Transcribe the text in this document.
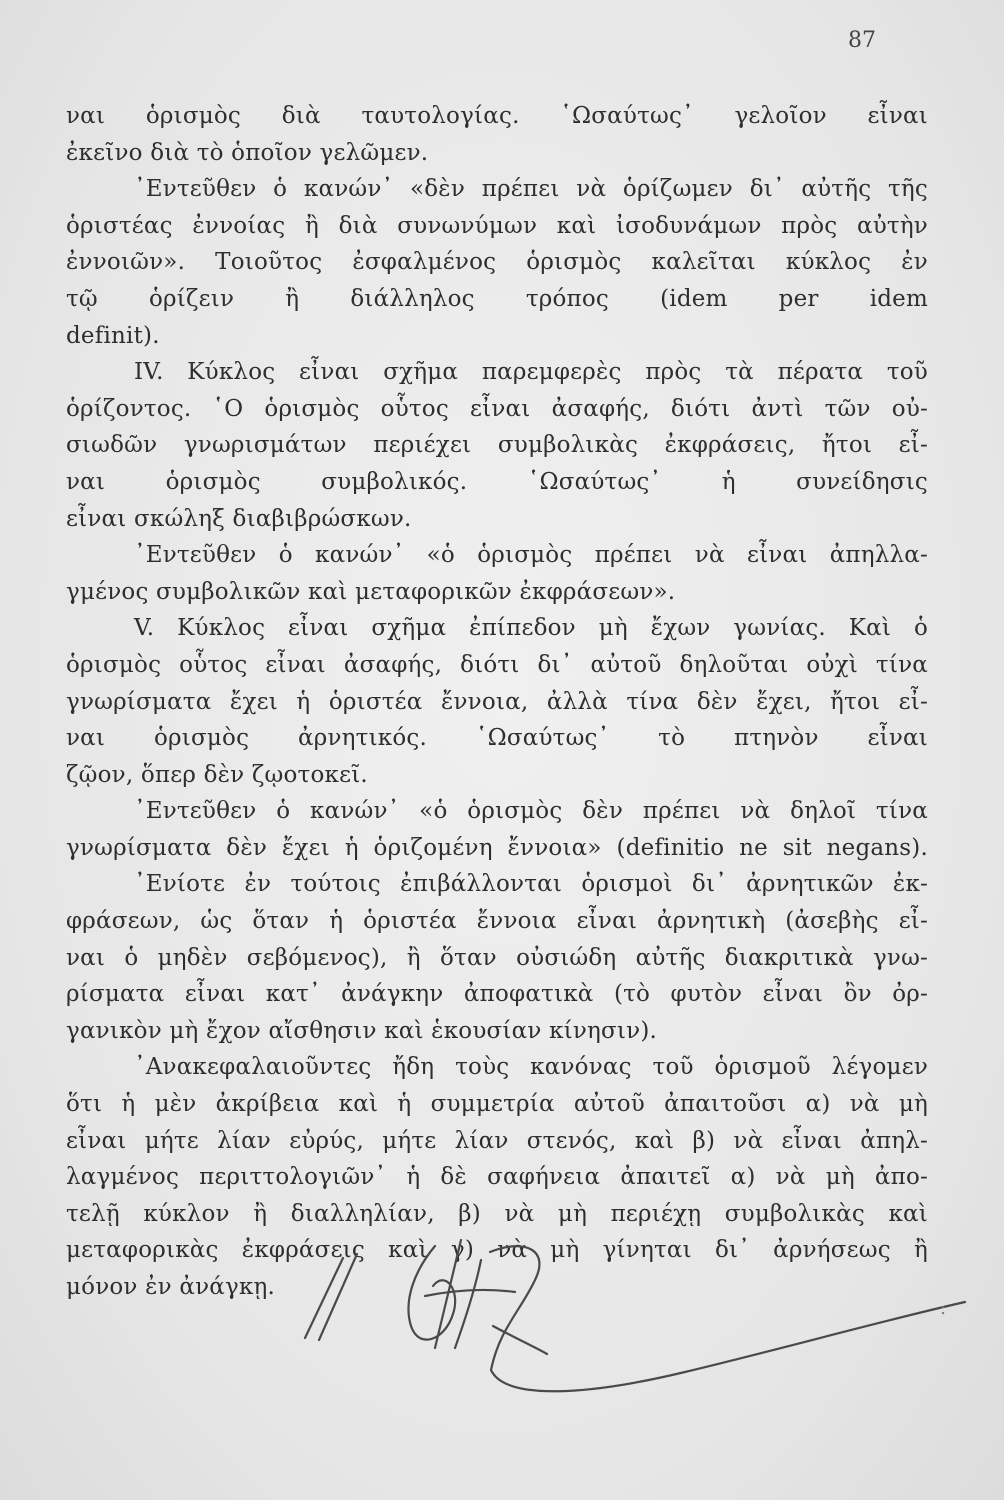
87
ναι ὁρισμὸς διὰ ταυτολογίας. ῾Ωσαύτως᾿ γελοῖον εἶναι
ἐκεῖνο διὰ τὸ ὁποῖον γελῶμεν.
᾿Εντεῦθεν ὁ κανών᾿ «δὲν πρέπει νὰ ὁρίζωμεν δι᾿ αὐτῆς τῆς
ὁριστέας ἐννοίας ἢ διὰ συνωνύμων καὶ ἰσοδυνάμων πρὸς αὐτὴν
ἐννοιῶν». Τοιοῦτος ἐσφαλμένος ὁρισμὸς καλεῖται κύκλος ἐν
τῷ ὁρίζειν ἢ διάλληλος τρόπος (idem per idem
definit).
IV. Κύκλος εἶναι σχῆμα παρεμφερὲς πρὸς τὰ πέρατα τοῦ
ὁρίζοντος. ῾Ο ὁρισμὸς οὗτος εἶναι ἀσαφής, διότι ἀντὶ τῶν οὐ-
σιωδῶν γνωρισμάτων περιέχει συμβολικὰς ἐκφράσεις, ἤτοι εἶ-
ναι ὁρισμὸς συμβολικός. ῾Ωσαύτως᾿ ἡ συνείδησις
εἶναι σκώληξ διαβιβρώσκων.
᾿Εντεῦθεν ὁ κανών᾿ «ὁ ὁρισμὸς πρέπει νὰ εἶναι ἀπηλλα-
γμένος συμβολικῶν καὶ μεταφορικῶν ἐκφράσεων».
V. Κύκλος εἶναι σχῆμα ἐπίπεδον μὴ ἔχων γωνίας. Καὶ ὁ
ὁρισμὸς οὗτος εἶναι ἀσαφής, διότι δι᾿ αὐτοῦ δηλοῦται οὐχὶ τίνα
γνωρίσματα ἔχει ἡ ὁριστέα ἔννοια, ἀλλὰ τίνα δὲν ἔχει, ἤτοι εἶ-
ναι ὁρισμὸς ἀρνητικός. ῾Ωσαύτως᾿ τὸ πτηνὸν εἶναι
ζῷον, ὅπερ δὲν ζῳοτοκεῖ.
᾿Εντεῦθεν ὁ κανών᾿ «ὁ ὁρισμὸς δὲν πρέπει νὰ δηλοῖ τίνα
γνωρίσματα δὲν ἔχει ἡ ὁριζομένη ἔννοια» (definitio ne sit negans).
᾿Ενίοτε ἐν τούτοις ἐπιβάλλονται ὁρισμοὶ δι᾿ ἀρνητικῶν ἐκ-
φράσεων, ὡς ὅταν ἡ ὁριστέα ἔννοια εἶναι ἀρνητικὴ (ἀσεβὴς εἶ-
ναι ὁ μηδὲν σεβόμενος), ἢ ὅταν οὐσιώδη αὐτῆς διακριτικὰ γνω-
ρίσματα εἶναι κατ᾿ ἀνάγκην ἀποφατικὰ (τὸ φυτὸν εἶναι ὂν ὀρ-
γανικὸν μὴ ἔχον αἴσθησιν καὶ ἑκουσίαν κίνησιν).
᾿Ανακεφαλαιοῦντες ἤδη τοὺς κανόνας τοῦ ὁρισμοῦ λέγομεν
ὅτι ἡ μὲν ἀκρίβεια καὶ ἡ συμμετρία αὐτοῦ ἀπαιτοῦσι α) νὰ μὴ
εἶναι μήτε λίαν εὐρύς, μήτε λίαν στενός, καὶ β) νὰ εἶναι ἀπηλ-
λαγμένος περιττολογιῶν᾿ ἡ δὲ σαφήνεια ἀπαιτεῖ α) νὰ μὴ ἀπο-
τελῇ κύκλον ἢ διαλληλίαν, β) νὰ μὴ περιέχῃ συμβολικὰς καὶ
μεταφορικὰς ἐκφράσεις καὶ γ) νὰ μὴ γίνηται δι᾿ ἀρνήσεως ἢ
μόνον ἐν ἀνάγκῃ.
:
